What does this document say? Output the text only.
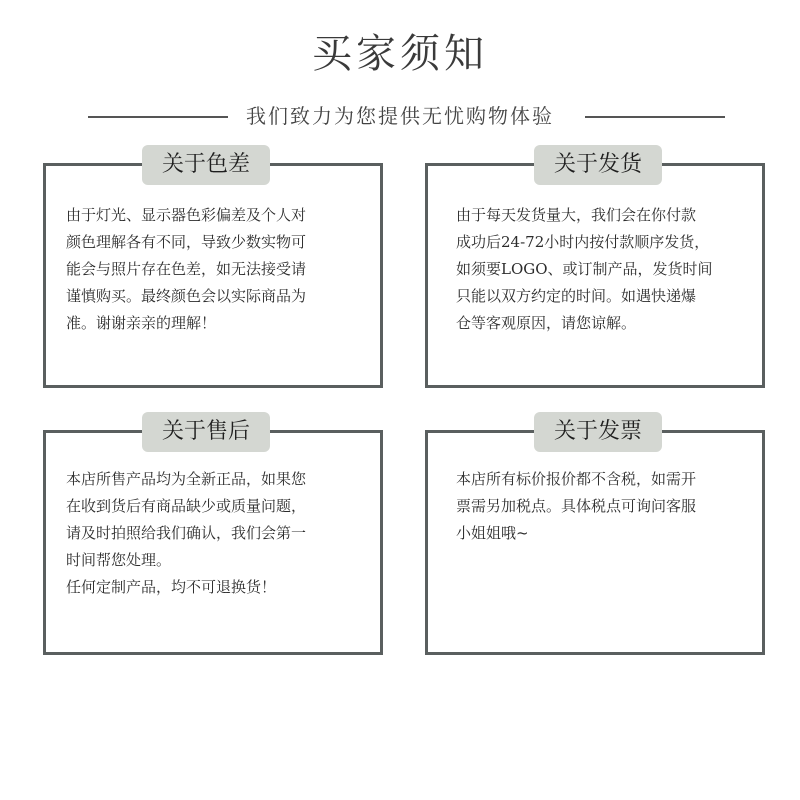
买家须知
我们致力为您提供无忧购物体验
关于色差
由于灯光、显示器色彩偏差及个人对
颜色理解各有不同，导致少数实物可
能会与照片存在色差，如无法接受请
谨慎购买。最终颜色会以实际商品为
准。谢谢亲亲的理解！
关于发货
由于每天发货量大，我们会在你付款
成功后24-72小时内按付款顺序发货，
如须要LOGO、或订制产品，发货时间
只能以双方约定的时间。如遇快递爆
仓等客观原因，请您谅解。
关于售后
本店所售产品均为全新正品，如果您
在收到货后有商品缺少或质量问题，
请及时拍照给我们确认，我们会第一
时间帮您处理。
任何定制产品，均不可退换货！
关于发票
本店所有标价报价都不含税，如需开
票需另加税点。具体税点可询问客服
小姐姐哦~
